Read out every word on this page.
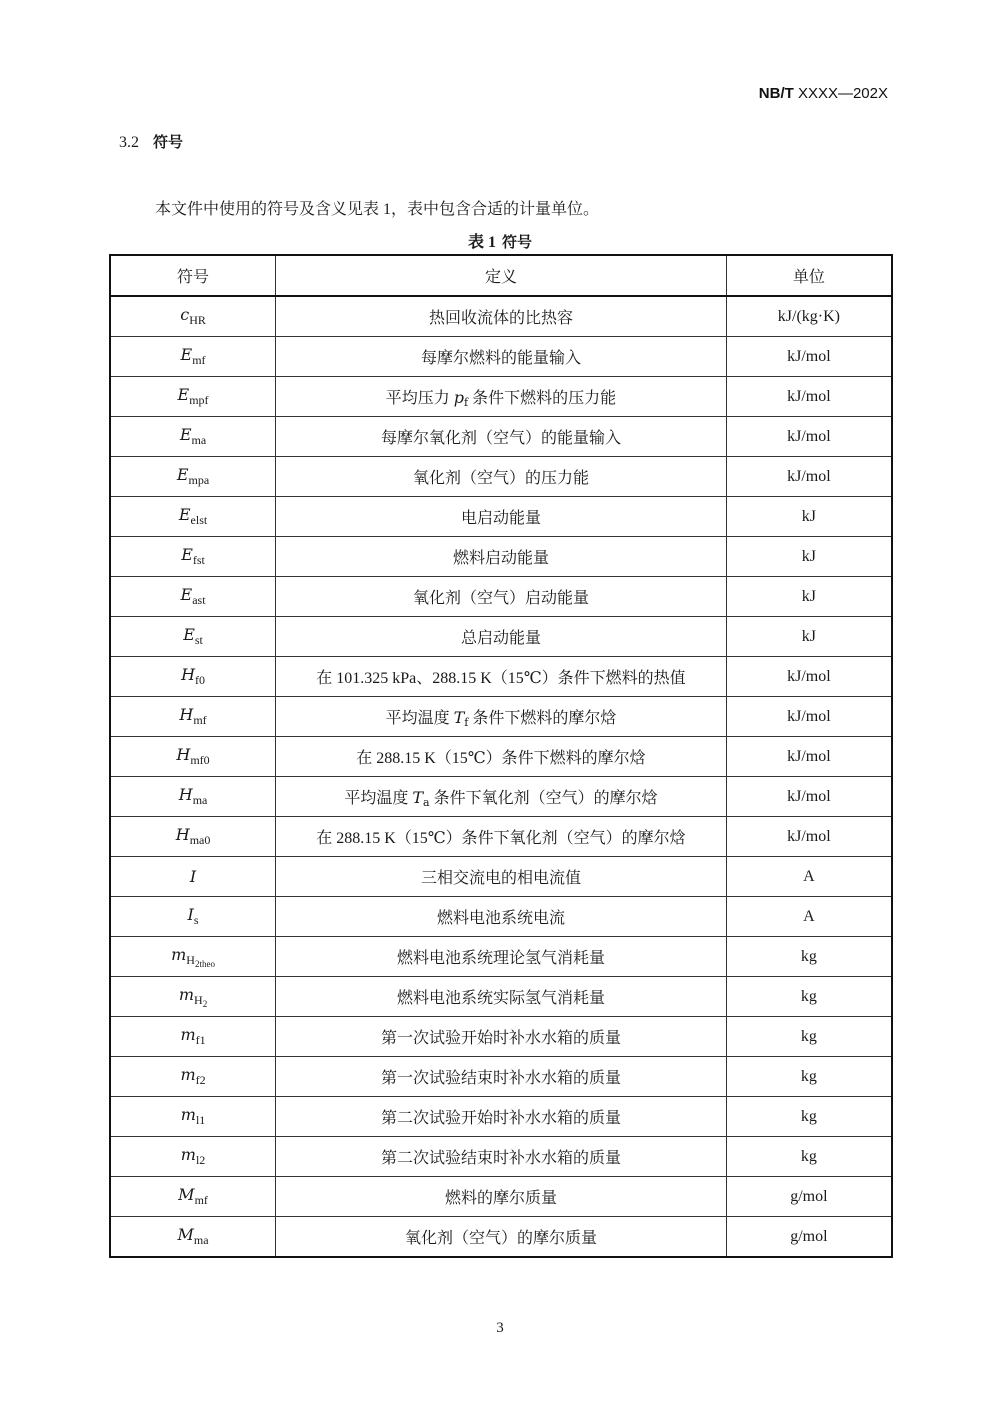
NB/T XXXX—202X
3.2 符号
本文件中使用的符号及含义见表 1，表中包含合适的计量单位。
表 1 符号
符号	定义	单位
$c_{HR}$	热回收流体的比热容	kJ/(kg·K)
$E_{mf}$	每摩尔燃料的能量输入	kJ/mol
$E_{mpf}$	平均压力 $p_f$ 条件下燃料的压力能	kJ/mol
$E_{ma}$	每摩尔氧化剂（空气）的能量输入	kJ/mol
$E_{mpa}$	氧化剂（空气）的压力能	kJ/mol
$E_{elst}$	电启动能量	kJ
$E_{fst}$	燃料启动能量	kJ
$E_{ast}$	氧化剂（空气）启动能量	kJ
$E_{st}$	总启动能量	kJ
$H_{f0}$	在 101.325 kPa、288.15 K（15℃）条件下燃料的热值	kJ/mol
$H_{mf}$	平均温度 $T_f$ 条件下燃料的摩尔焓	kJ/mol
$H_{mf0}$	在 288.15 K（15℃）条件下燃料的摩尔焓	kJ/mol
$H_{ma}$	平均温度 $T_a$ 条件下氧化剂（空气）的摩尔焓	kJ/mol
$H_{ma0}$	在 288.15 K（15℃）条件下氧化剂（空气）的摩尔焓	kJ/mol
I	三相交流电的相电流值	A
$I_s$	燃料电池系统电流	A
$m_{H_{2theo}}$	燃料电池系统理论氢气消耗量	kg
$m_{H_2}$	燃料电池系统实际氢气消耗量	kg
$m_{f1}$	第一次试验开始时补水水箱的质量	kg
$m_{f2}$	第一次试验结束时补水水箱的质量	kg
$m_{l1}$	第二次试验开始时补水水箱的质量	kg
$m_{l2}$	第二次试验结束时补水水箱的质量	kg
$M_{mf}$	燃料的摩尔质量	g/mol
$M_{ma}$	氧化剂（空气）的摩尔质量	g/mol
3
